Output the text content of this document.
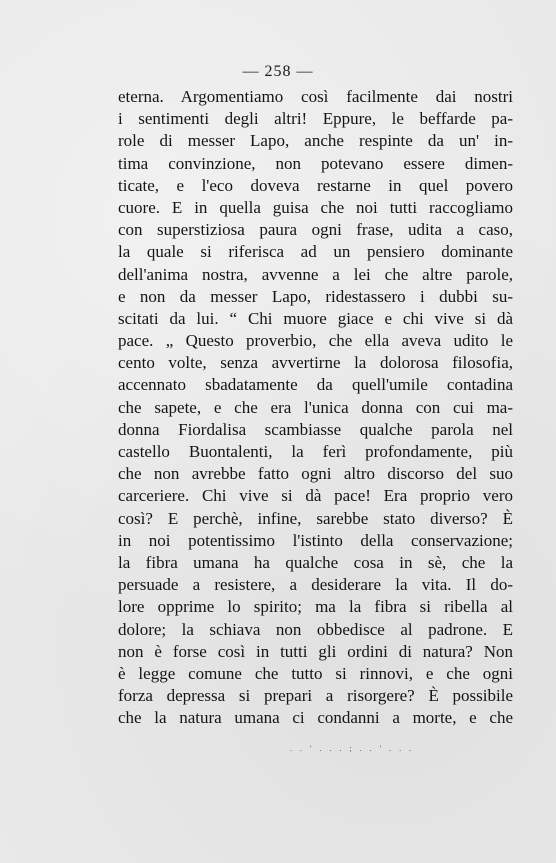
— 258 —
eterna. Argomentiamo così facilmente dai nostri
i sentimenti degli altri! Eppure, le beffarde pa-
role di messer Lapo, anche respinte da un' in-
tima convinzione, non potevano essere dimen-
ticate, e l'eco doveva restarne in quel povero
cuore. E in quella guisa che noi tutti raccogliamo
con superstiziosa paura ogni frase, udita a caso,
la quale si riferisca ad un pensiero dominante
dell'anima nostra, avvenne a lei che altre parole,
e non da messer Lapo, ridestassero i dubbi su-
scitati da lui. “ Chi muore giace e chi vive si dà
pace. „ Questo proverbio, che ella aveva udito le
cento volte, senza avvertirne la dolorosa filosofia,
accennato sbadatamente da quell'umile contadina
che sapete, e che era l'unica donna con cui ma-
donna Fiordalisa scambiasse qualche parola nel
castello Buontalenti, la ferì profondamente, più
che non avrebbe fatto ogni altro discorso del suo
carceriere. Chi vive si dà pace! Era proprio vero
così? E perchè, infine, sarebbe stato diverso? È
in noi potentissimo l'istinto della conservazione;
la fibra umana ha qualche cosa in sè, che la
persuade a resistere, a desiderare la vita. Il do-
lore opprime lo spirito; ma la fibra si ribella al
dolore; la schiava non obbedisce al padrone. E
non è forse così in tutti gli ordini di natura? Non
è legge comune che tutto si rinnovi, e che ogni
forza depressa si prepari a risorgere? È possibile
che la natura umana ci condanni a morte, e che
. . ' . . . ; . . ' . . .
